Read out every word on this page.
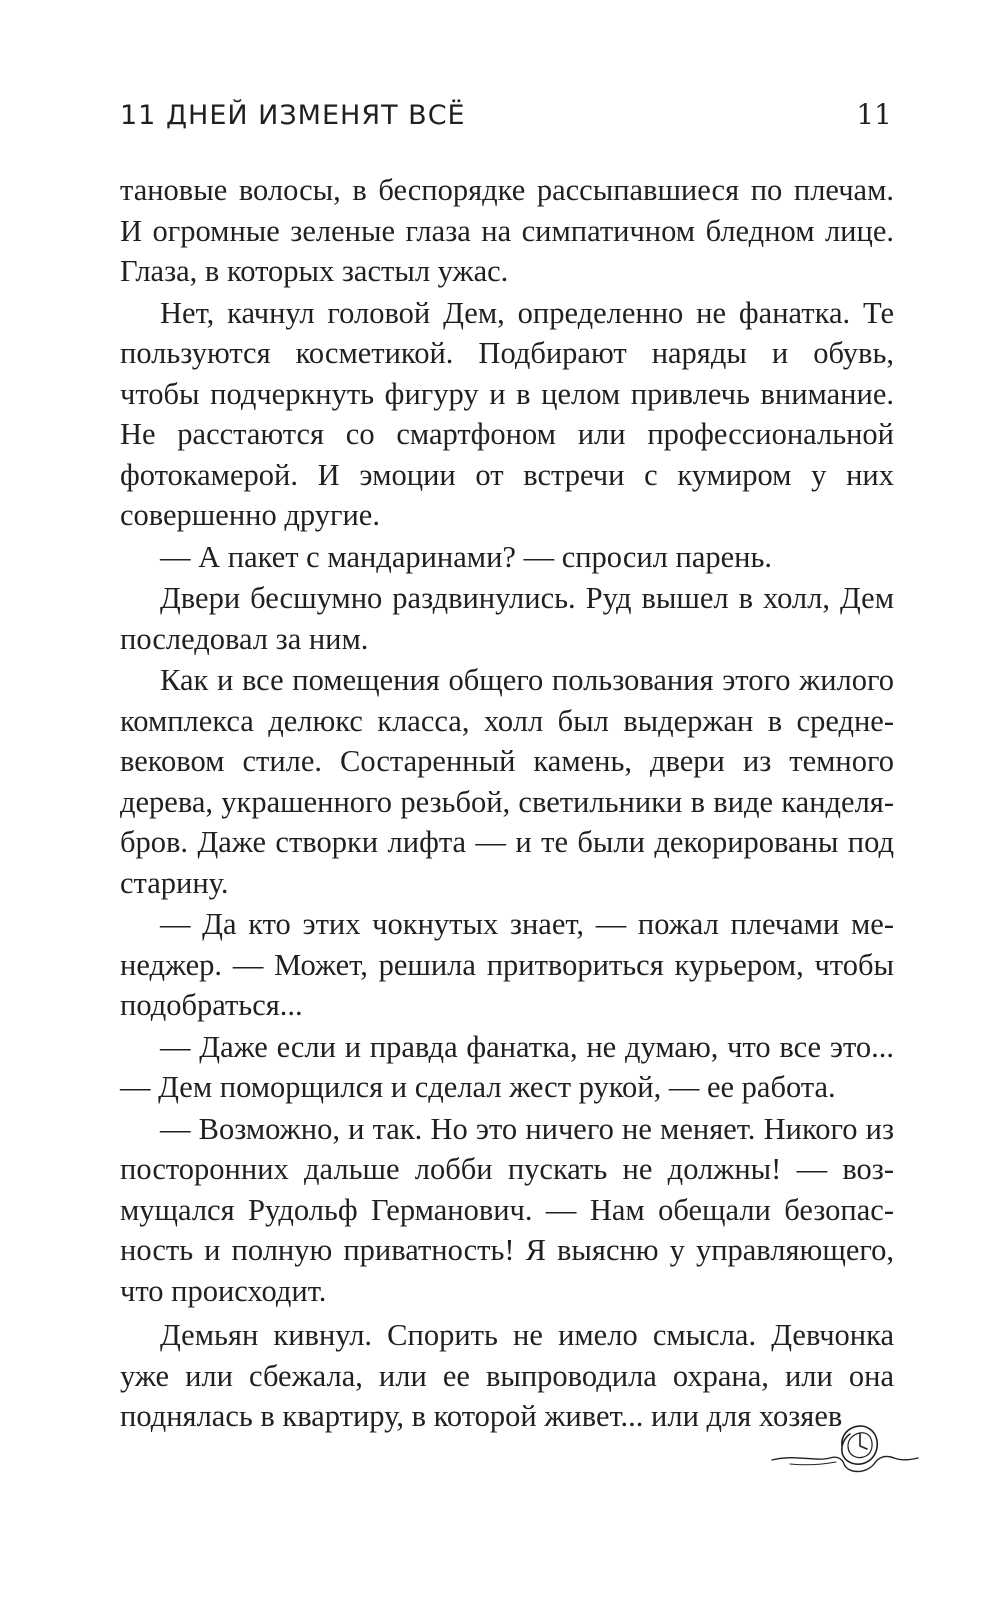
11 ДНЕЙ ИЗМЕНЯТ ВСЁ	11

тановые волосы, в беспорядке рассыпавшиеся по плечам. И огромные зеленые глаза на симпатичном бледном лице. Глаза, в которых застыл ужас.

Нет, качнул головой Дем, определенно не фанатка. Те пользуются косметикой. Подбирают наряды и обувь, чтобы подчеркнуть фигуру и в целом привлечь внимание. Не расстаются со смартфоном или профессиональной фотокамерой. И эмоции от встречи с кумиром у них совершенно другие.

— А пакет с мандаринами? — спросил парень.

Двери бесшумно раздвинулись. Руд вышел в холл, Дем последовал за ним.

Как и все помещения общего пользования этого жилого комплекса делюкс класса, холл был выдержан в средневековом стиле. Состаренный камень, двери из темного дерева, украшенного резьбой, светильники в виде канделябров. Даже створки лифта — и те были декорированы под старину.

— Да кто этих чокнутых знает, — пожал плечами менеджер. — Может, решила притвориться курьером, чтобы подобраться...

— Даже если и правда фанатка, не думаю, что все это... — Дем поморщился и сделал жест рукой, — ее работа.

— Возможно, и так. Но это ничего не меняет. Никого из посторонних дальше лобби пускать не должны! — возмущался Рудольф Германович. — Нам обещали безопасность и полную приватность! Я выясню у управляющего, что происходит.

Демьян кивнул. Спорить не имело смысла. Девчонка уже или сбежала, или ее выпроводила охрана, или она поднялась в квартиру, в которой живет... или для хозяев
